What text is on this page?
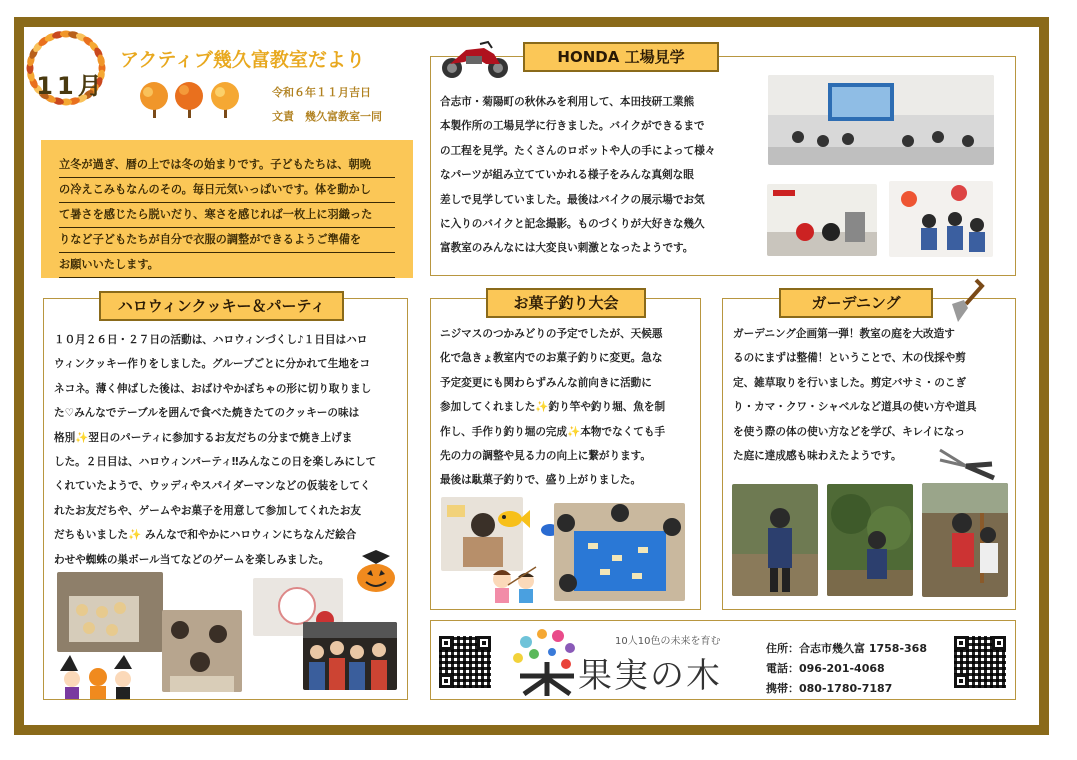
11月
アクティブ幾久富教室だより
令和６年１１月吉日
文責　幾久富教室一同
立冬が過ぎ、暦の上では冬の始まりです。子どもたちは、朝晩
の冷えこみもなんのその。毎日元気いっぱいです。体を動かし
て暑さを感じたら脱いだり、寒さを感じれば一枚上に羽織った
りなど子どもたちが自分で衣服の調整ができるようご準備を
お願いいたします。
HONDA 工場見学
合志市・菊陽町の秋休みを利用して、本田技研工業熊
本製作所の工場見学に行きました。バイクができるまで
の工程を見学。たくさんのロボットや人の手によって様々
なパーツが組み立てていかれる様子をみんな真剣な眼
差しで見学していました。最後はバイクの展示場でお気
に入りのバイクと記念撮影。ものづくりが大好きな幾久
富教室のみんなには大変良い刺激となったようです。
ハロウィンクッキー＆パーティ
１０月２６日・２７日の活動は、ハロウィンづくし♪１日目はハロ
ウィンクッキー作りをしました。グループごとに分かれて生地をコ
ネコネ。薄く伸ばした後は、おばけやかぼちゃの形に切り取りまし
た♡みんなでテーブルを囲んで食べた焼きたてのクッキーの味は
格別✨翌日のパーティに参加するお友だちの分まで焼き上げま
した。２日目は、ハロウィンパーティ‼みんなこの日を楽しみにして
くれていたようで、ウッディやスパイダーマンなどの仮装をしてく
れたお友だちや、ゲームやお菓子を用意して参加してくれたお友
だちもいました✨ みんなで和やかにハロウィンにちなんだ絵合
わせや蜘蛛の巣ボール当てなどのゲームを楽しみました。
お菓子釣り大会
ニジマスのつかみどりの予定でしたが、天候悪
化で急きょ教室内でのお菓子釣りに変更。急な
予定変更にも関わらずみんな前向きに活動に
参加してくれました✨釣り竿や釣り堀、魚を制
作し、手作り釣り堀の完成✨本物でなくても手
先の力の調整や見る力の向上に繋がります。
最後は駄菓子釣りで、盛り上がりました。
ガーデニング
ガーデニング企画第一弾！教室の庭を大改造す
るのにまずは整備！ということで、木の伐採や剪
定、雑草取りを行いました。剪定バサミ・のこぎ
り・カマ・クワ・シャベルなど道具の使い方や道具
を使う際の体の使い方などを学び、キレイになっ
た庭に達成感も味わえたようです。
10人10色の未来を育む
果実の木
住所：合志市幾久富 1758-368
電話：096-201-4068
携帯：080-1780-7187
